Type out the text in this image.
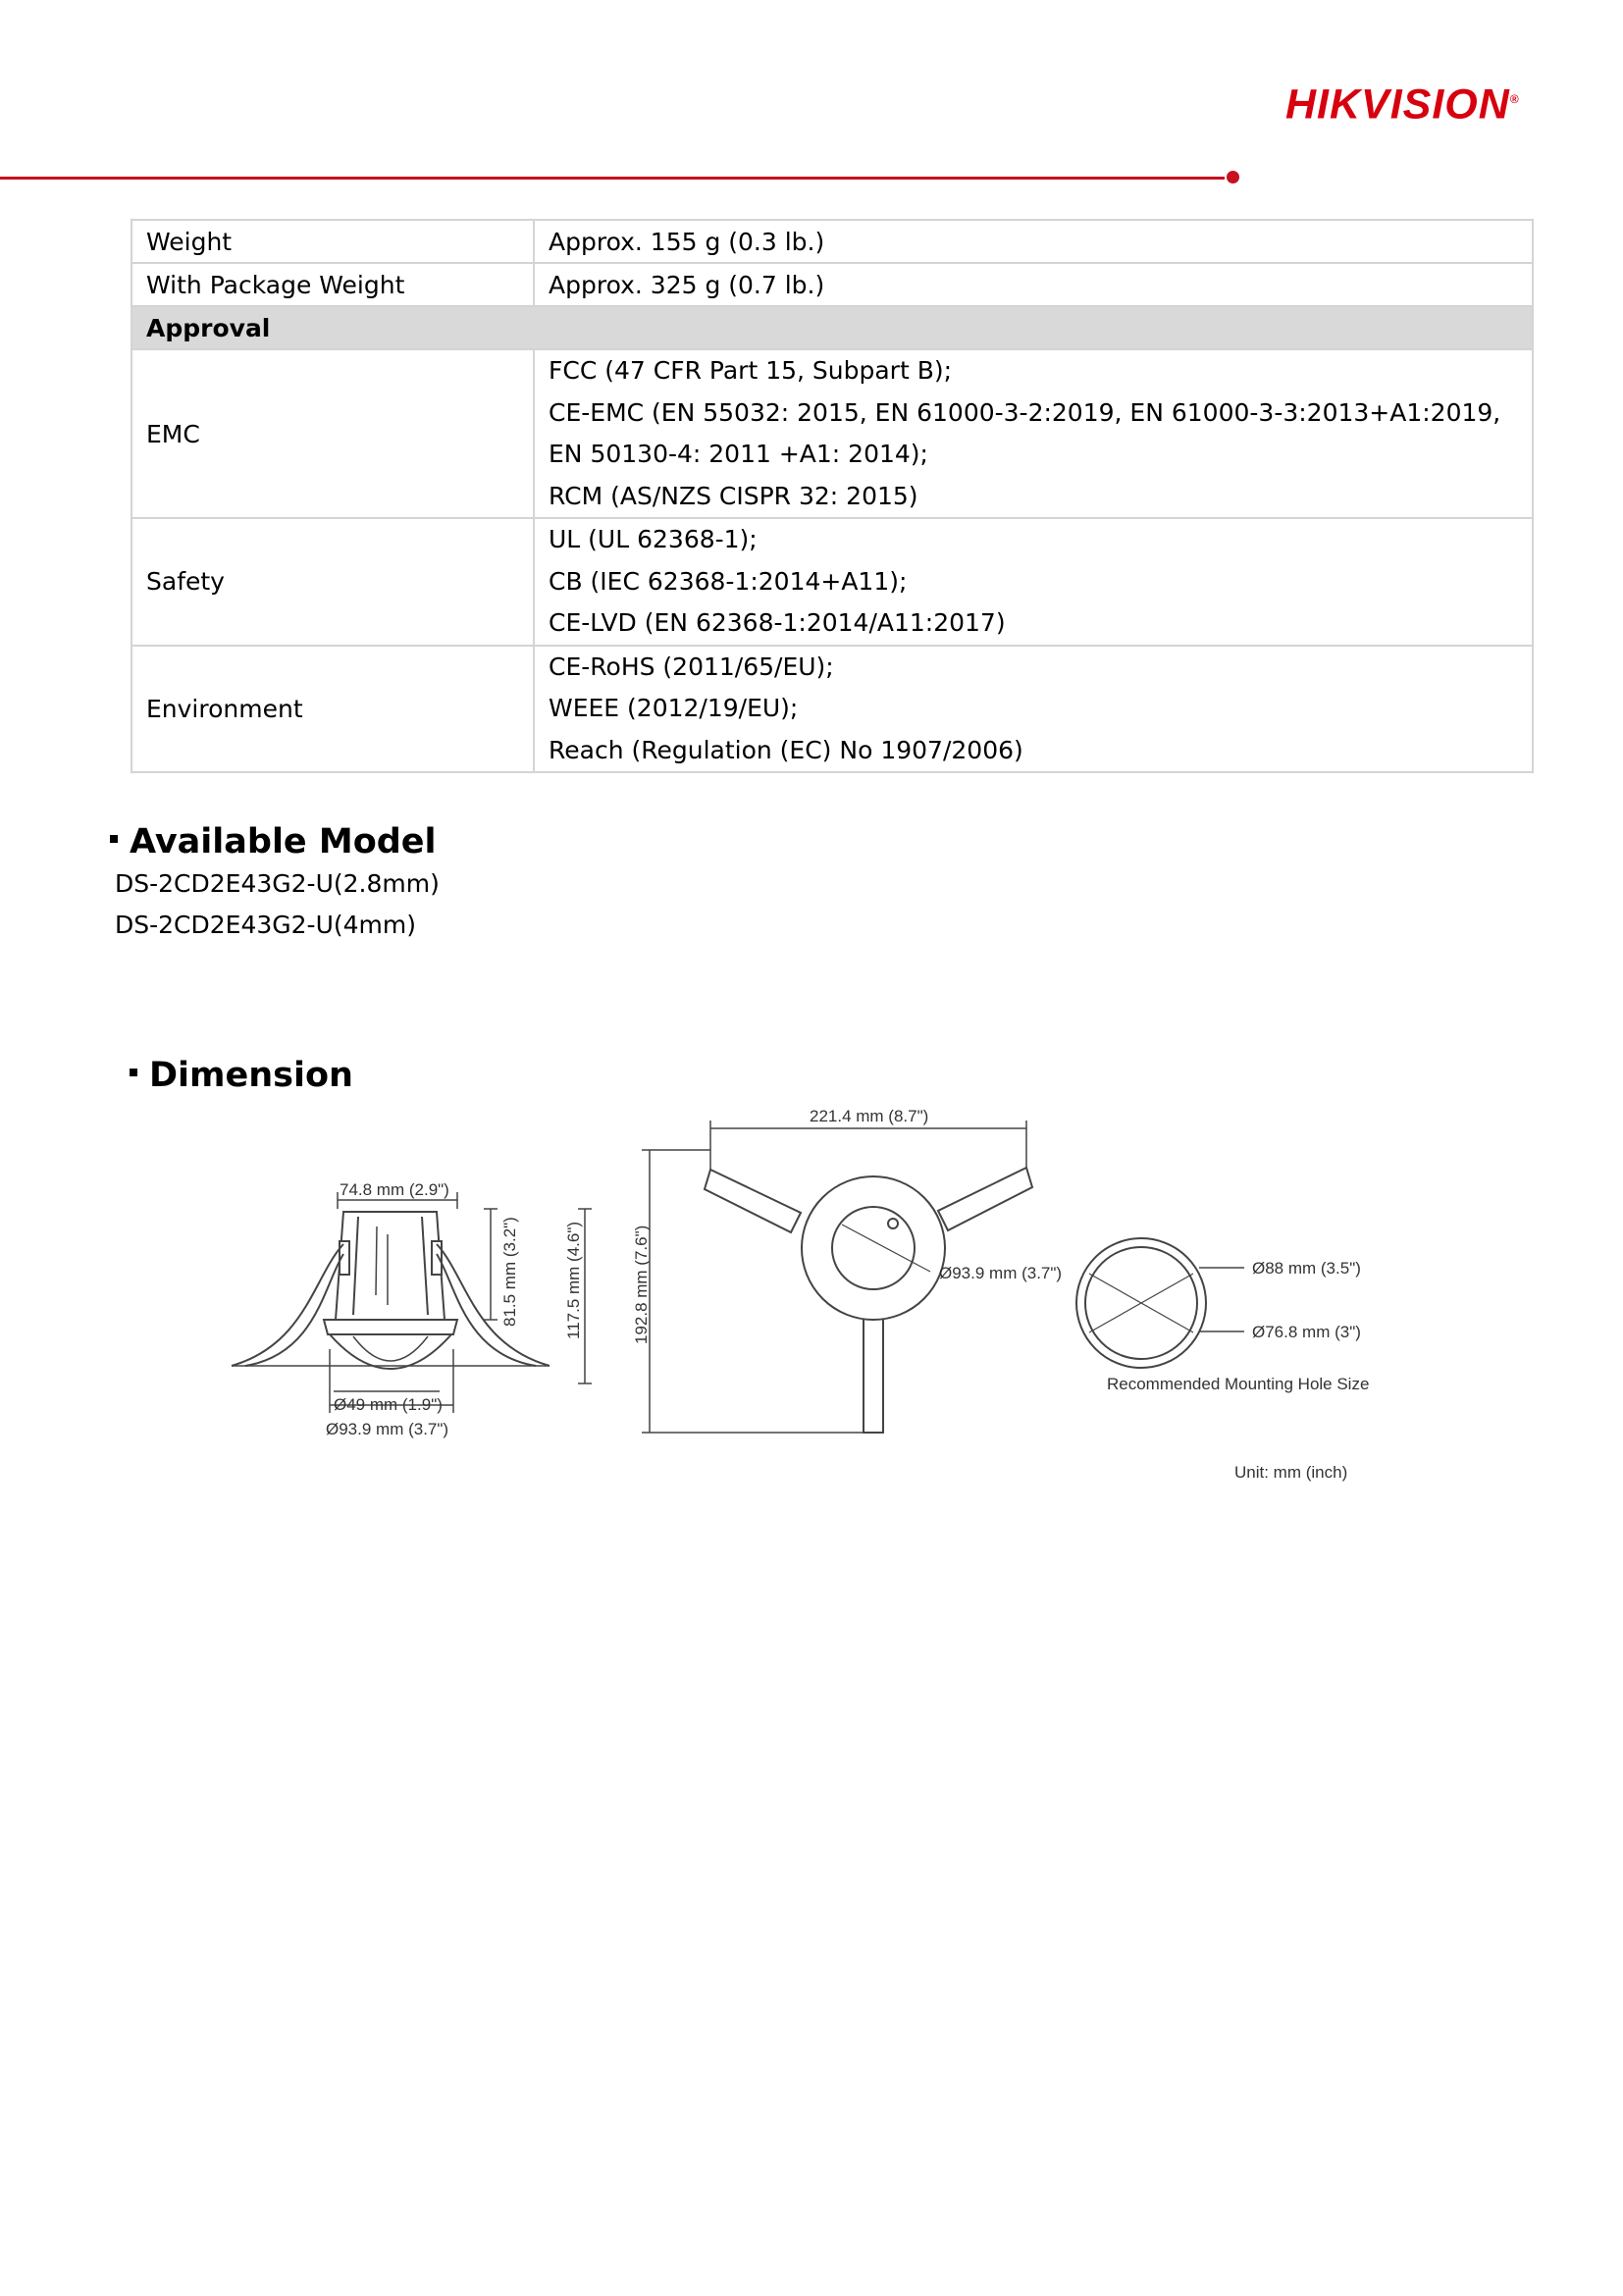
HIKVISION®
Weight	Approx. 155 g (0.3 lb.)
With Package Weight	Approx. 325 g (0.7 lb.)
Approval	
EMC	FCC (47 CFR Part 15, Subpart B);
CE-EMC (EN 55032: 2015, EN 61000-3-2:2019, EN 61000-3-3:2013+A1:2019, EN 50130-4: 2011 +A1: 2014);
RCM (AS/NZS CISPR 32: 2015)

Safety	UL (UL 62368-1);
CB (IEC 62368-1:2014+A11);
CE-LVD (EN 62368-1:2014/A11:2017)

Environment	CE-RoHS (2011/65/EU);
WEEE (2012/19/EU);
Reach (Regulation (EC) No 1907/2006)
Available Model
DS-2CD2E43G2-U(2.8mm)
DS-2CD2E43G2-U(4mm)
Dimension
74.8 mm (2.9")
81.5 mm (3.2")	117.5 mm (4.6")
Ø49 mm (1.9")
Ø93.9 mm (3.7")
221.4 mm (8.7")
192.8 mm (7.6")	Ø93.9 mm (3.7")	Ø88 mm (3.5")
Ø76.8 mm (3")
Recommended Mounting Hole Size
Unit: mm (inch)
